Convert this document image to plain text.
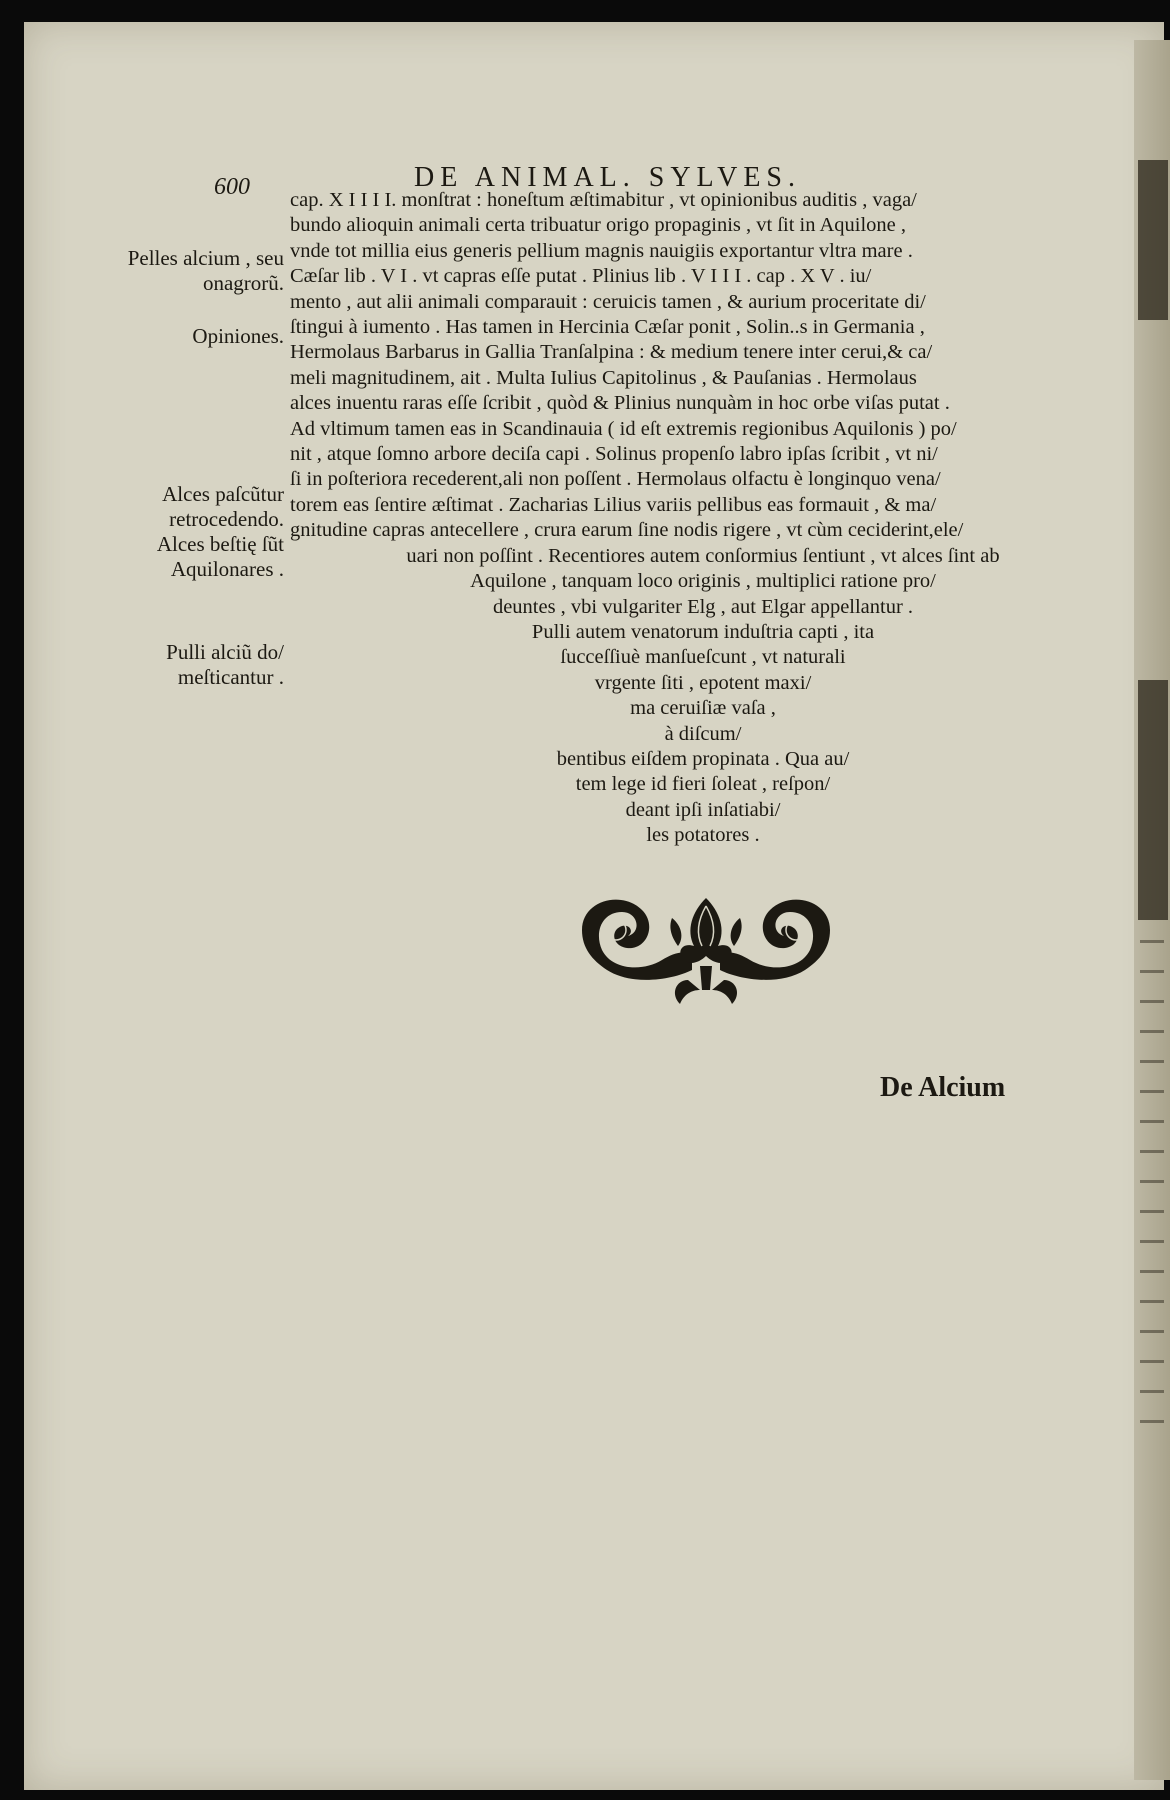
600	DE ANIMAL. SYLVES.
Pelles alcium , seu onagrorũ.
Opiniones.
Alces paſcũtur retrocedendo.
Alces beſtię ſũt Aquilonares .
Pulli alciũ do/ meſticantur .
cap. X I I I I. monſtrat : honeſtum æſtimabitur , vt opinionibus auditis , vaga/
bundo alioquin animali certa tribuatur origo propaginis , vt ſit in Aquilone ,
vnde tot millia eius generis pellium magnis nauigiis exportantur vltra mare .
Cæſar lib . V I . vt capras eſſe putat . Plinius lib . V I I I . cap . X V . iu/
mento , aut alii animali comparauit : ceruicis tamen , & aurium proceritate di/
ſtingui à iumento . Has tamen in Hercinia Cæſar ponit , Solin..s in Germania ,
Hermolaus Barbarus in Gallia Tranſalpina : & medium tenere inter cerui,& ca/
meli magnitudinem, ait . Multa Iulius Capitolinus , & Pauſanias . Hermolaus
alces inuentu raras eſſe ſcribit , quòd & Plinius nunquàm in hoc orbe viſas putat .
Ad vltimum tamen eas in Scandinauia ( id eſt extremis regionibus Aquilonis ) po/
nit , atque ſomno arbore deciſa capi . Solinus propenſo labro ipſas ſcribit , vt ni/
ſi in poſteriora recederent,ali non poſſent . Hermolaus olfactu è longinquo vena/
torem eas ſentire æſtimat . Zacharias Lilius variis pellibus eas formauit , & ma/
gnitudine capras antecellere , crura earum ſine nodis rigere , vt cùm ceciderint,ele/
uari non poſſint . Recentiores autem conſormius ſentiunt , vt alces ſint ab
Aquilone , tanquam loco originis , multiplici ratione pro/
deuntes , vbi vulgariter Elg , aut Elgar appellantur .
Pulli autem venatorum induſtria capti , ita
ſucceſſiuè manſueſcunt , vt naturali
vrgente ſiti , epotent maxi/
ma ceruiſiæ vaſa ,
à diſcum/
bentibus eiſdem propinata . Qua au/
tem lege id fieri ſoleat , reſpon/
deant ipſi inſatiabi/
les potatores .
De Alcium
